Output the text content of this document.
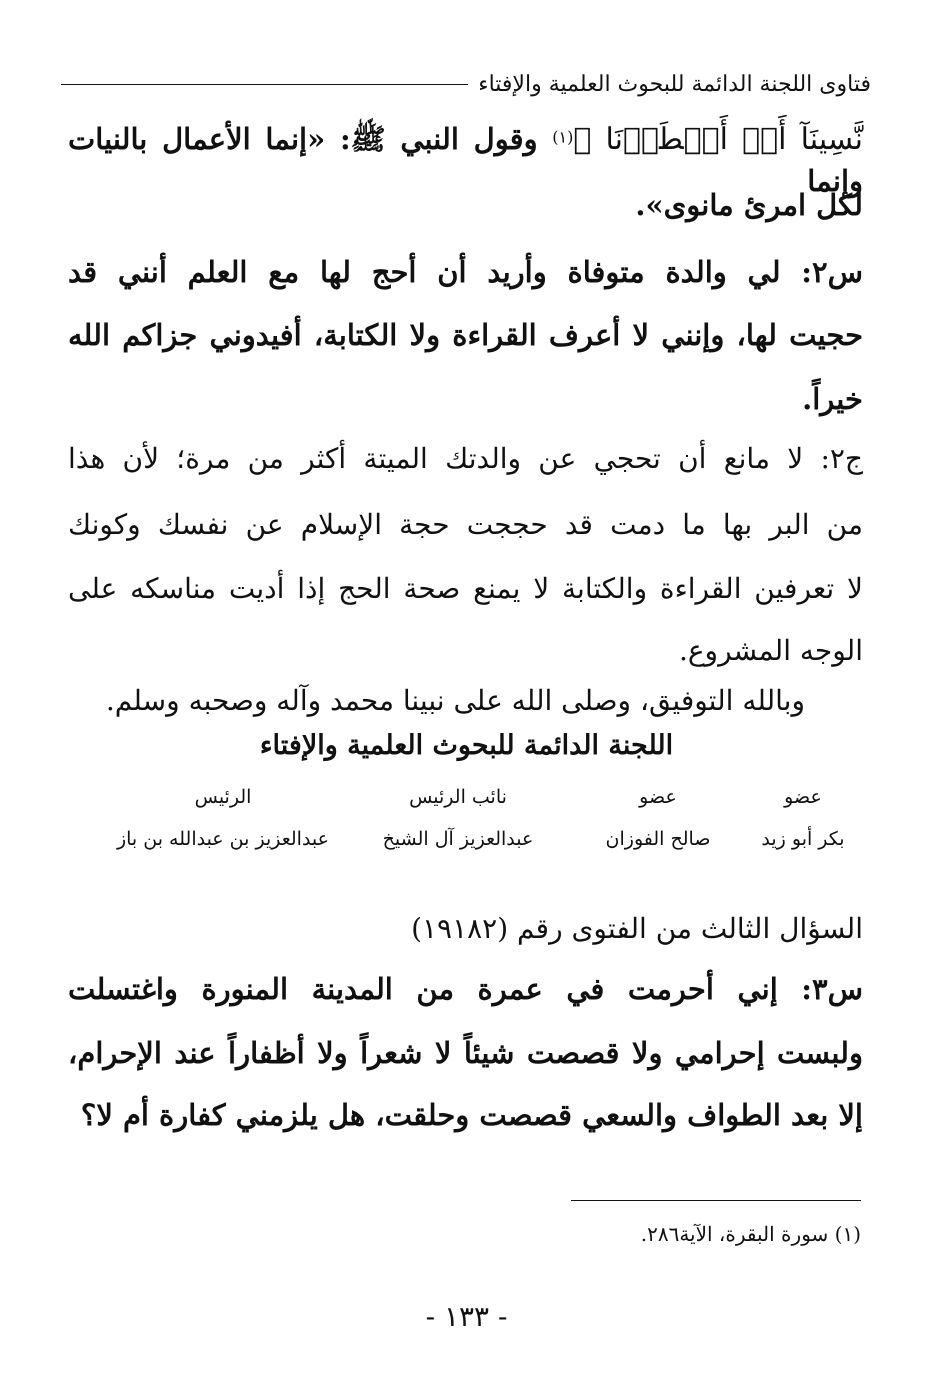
فتاوى اللجنة الدائمة للبحوث العلمية والإفتاء
نَّسِينَآ أَوۡ أَخۡطَأۡنَا ﴾(١) وقول النبي ﷺ: «إنما الأعمال بالنيات وإنما
لكل امرئ مانوى».
س٢: لي والدة متوفاة وأريد أن أحج لها مع العلم أنني قد
حجيت لها، وإنني لا أعرف القراءة ولا الكتابة، أفيدوني جزاكم الله
خيراً.
ج٢: لا مانع أن تحجي عن والدتك الميتة أكثر من مرة؛ لأن هذا
من البر بها ما دمت قد حججت حجة الإسلام عن نفسك وكونك
لا تعرفين القراءة والكتابة لا يمنع صحة الحج إذا أديت مناسكه على
الوجه المشروع.
وبالله التوفيق، وصلى الله على نبينا محمد وآله وصحبه وسلم.
اللجنة الدائمة للبحوث العلمية والإفتاء
عضو
عضو
نائب الرئيس
الرئيس
بكر أبو زيد
صالح الفوزان
عبدالعزيز آل الشيخ
عبدالعزيز بن عبدالله بن باز
السؤال الثالث من الفتوى رقم (١٩١٨٢)
س٣: إني أحرمت في عمرة من المدينة المنورة واغتسلت
ولبست إحرامي ولا قصصت شيئاً لا شعراً ولا أظفاراً عند الإحرام،
إلا بعد الطواف والسعي قصصت وحلقت، هل يلزمني كفارة أم لا؟
(١) سورة البقرة، الآية٢٨٦.
- ١٣٣ -
